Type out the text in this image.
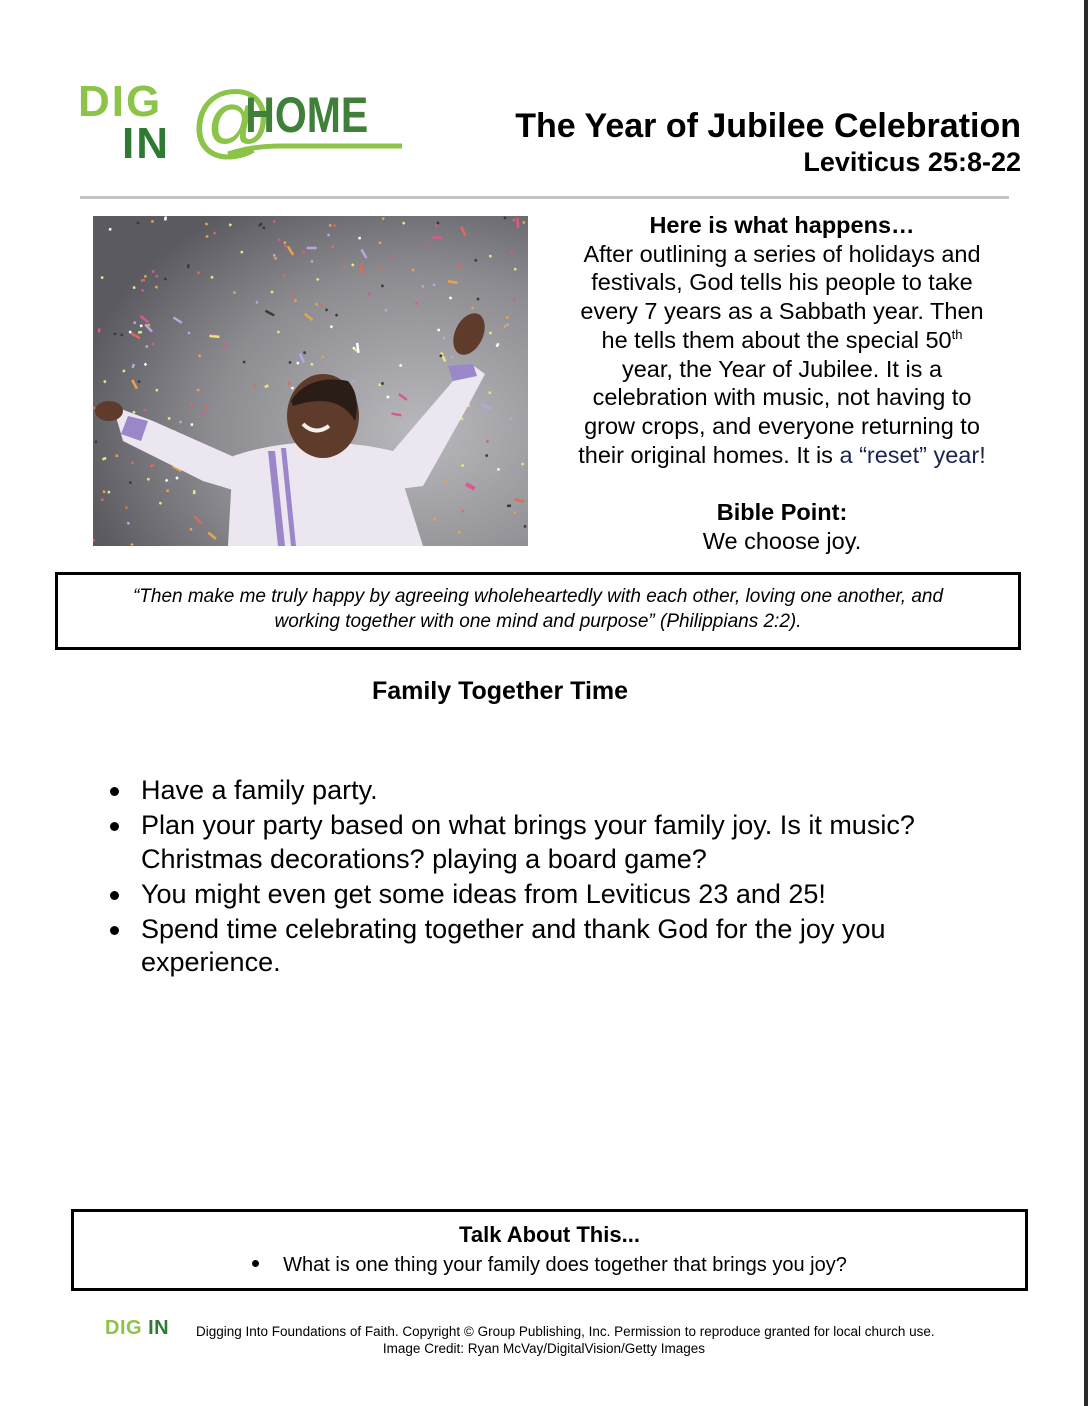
DIG
IN @
HOME	The Year of Jubilee Celebration
Leviticus 25:8-22
Here is what happens…
After outlining a series of holidays and
festivals, God tells his people to take
every 7 years as a Sabbath year. Then
he tells them about the special 50th
year, the Year of Jubilee. It is a
celebration with music, not having to
grow crops, and everyone returning to
their original homes. It is a “reset” year!
Bible Point:
We choose joy.
“Then make me truly happy by agreeing wholeheartedly with each other, loving one another, and
working together with one mind and purpose” (Philippians 2:2).
Family Together Time
Have a family party.
Plan your party based on what brings your family joy. Is it music? Christmas decorations? playing a board game?
You might even get some ideas from Leviticus 23 and 25!
Spend time celebrating together and thank God for the joy you experience.
Talk About This...
What is one thing your family does together that brings you joy?
DIG IN Digging Into Foundations of Faith. Copyright © Group Publishing, Inc. Permission to reproduce granted for local church use.
Image Credit: Ryan McVay/DigitalVision/Getty Images
